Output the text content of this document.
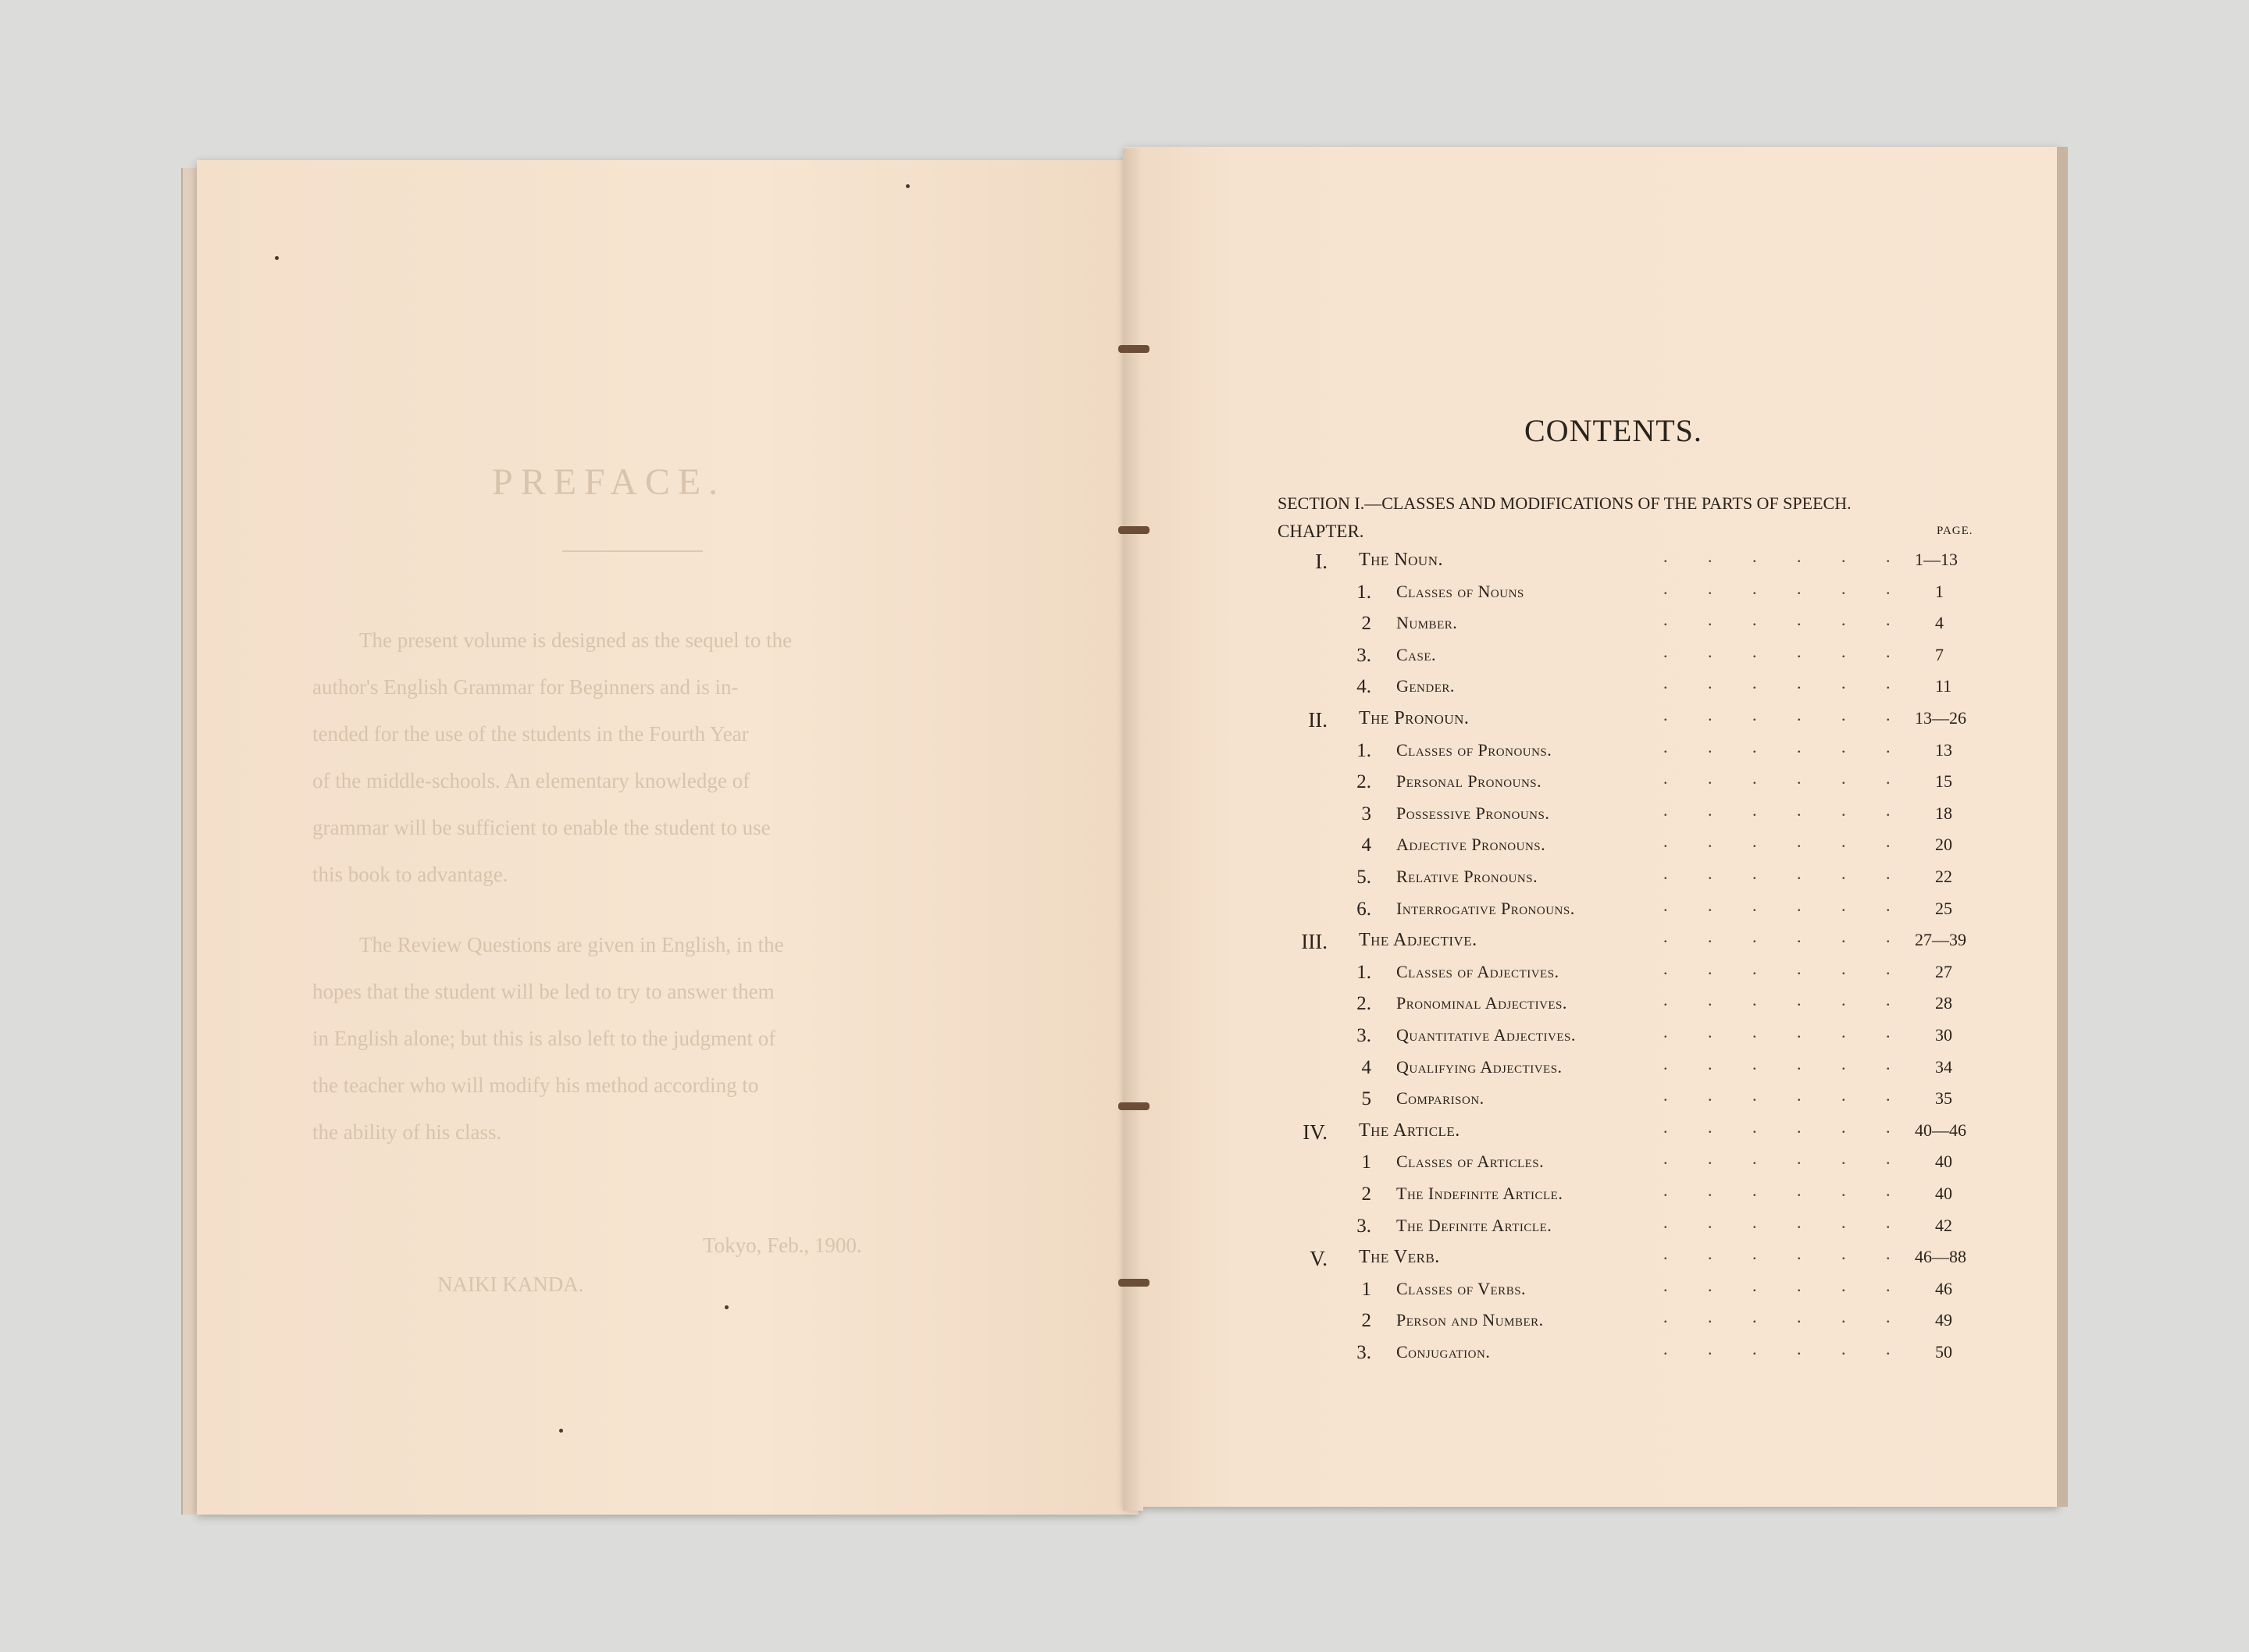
PREFACE.
The present volume is designed as the sequel to the
author's English Grammar for Beginners and is in-
tended for the use of the students in the Fourth Year
of the middle-schools. An elementary knowledge of
grammar will be sufficient to enable the student to use
this book to advantage.
The Review Questions are given in English, in the
hopes that the student will be led to try to answer them
in English alone; but this is also left to the judgment of
the teacher who will modify his method according to
the ability of his class.
Tokyo, Feb., 1900.
NAIKI KANDA.
CONTENTS.
SECTION I.—CLASSES AND MODIFICATIONS OF THE PARTS OF SPEECH.
CHAPTER.	PAGE.
I. The Noun.	. . . . . . 1—13
1. Classes of Nouns	. . . . . . 1
2 Number.	. . . . . . 4
3. Case.	. . . . . . 7
4. Gender.	. . . . . . 11
II. The Pronoun.	. . . . . . 13—26
1. Classes of Pronouns.	. . . . . . 13
2. Personal Pronouns.	. . . . . . 15
3 Possessive Pronouns.	. . . . . . 18
4 Adjective Pronouns.	. . . . . . 20
5. Relative Pronouns.	. . . . . . 22
6. Interrogative Pronouns.	. . . . . . 25
III. The Adjective.	. . . . . . 27—39
1. Classes of Adjectives.	. . . . . . 27
2. Pronominal Adjectives.	. . . . . . 28
3. Quantitative Adjectives.	. . . . . . 30
4 Qualifying Adjectives.	. . . . . . 34
5 Comparison.	. . . . . . 35
IV. The Article.	. . . . . . 40—46
1 Classes of Articles.	. . . . . . 40
2 The Indefinite Article.	. . . . . . 40
3. The Definite Article.	. . . . . . 42
V. The Verb.	. . . . . . 46—88
1 Classes of Verbs.	. . . . . . 46
2 Person and Number.	. . . . . . 49
3. Conjugation.	. . . . . . 50
